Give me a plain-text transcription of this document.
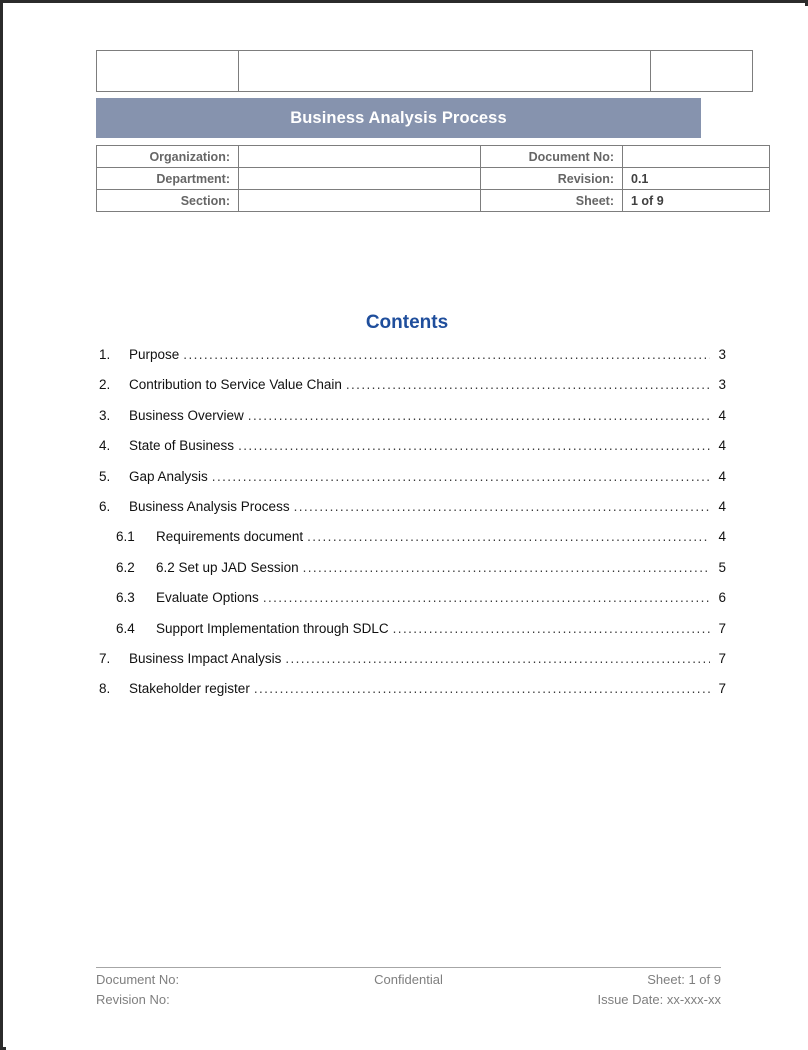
Business Analysis Process
Organization:		Document No:	
Department:		Revision:	0.1
Section:		Sheet:	1 of 9
Contents
1.	Purpose .....	3
2.	Contribution to Service Value Chain .....	3
3.	Business Overview .....	4
4.	State of Business .....	4
5.	Gap Analysis .....	4
6.	Business Analysis Process .....	4
6.1	Requirements document .....	4
6.2	6.2 Set up JAD Session .....	5
6.3	Evaluate Options .....	6
6.4	Support Implementation through SDLC .....	7
7.	Business Impact Analysis .....	7
8.	Stakeholder register .....	7
Document No:	Confidential	Sheet: 1 of 9
Revision No:	Issue Date: xx-xxx-xx
